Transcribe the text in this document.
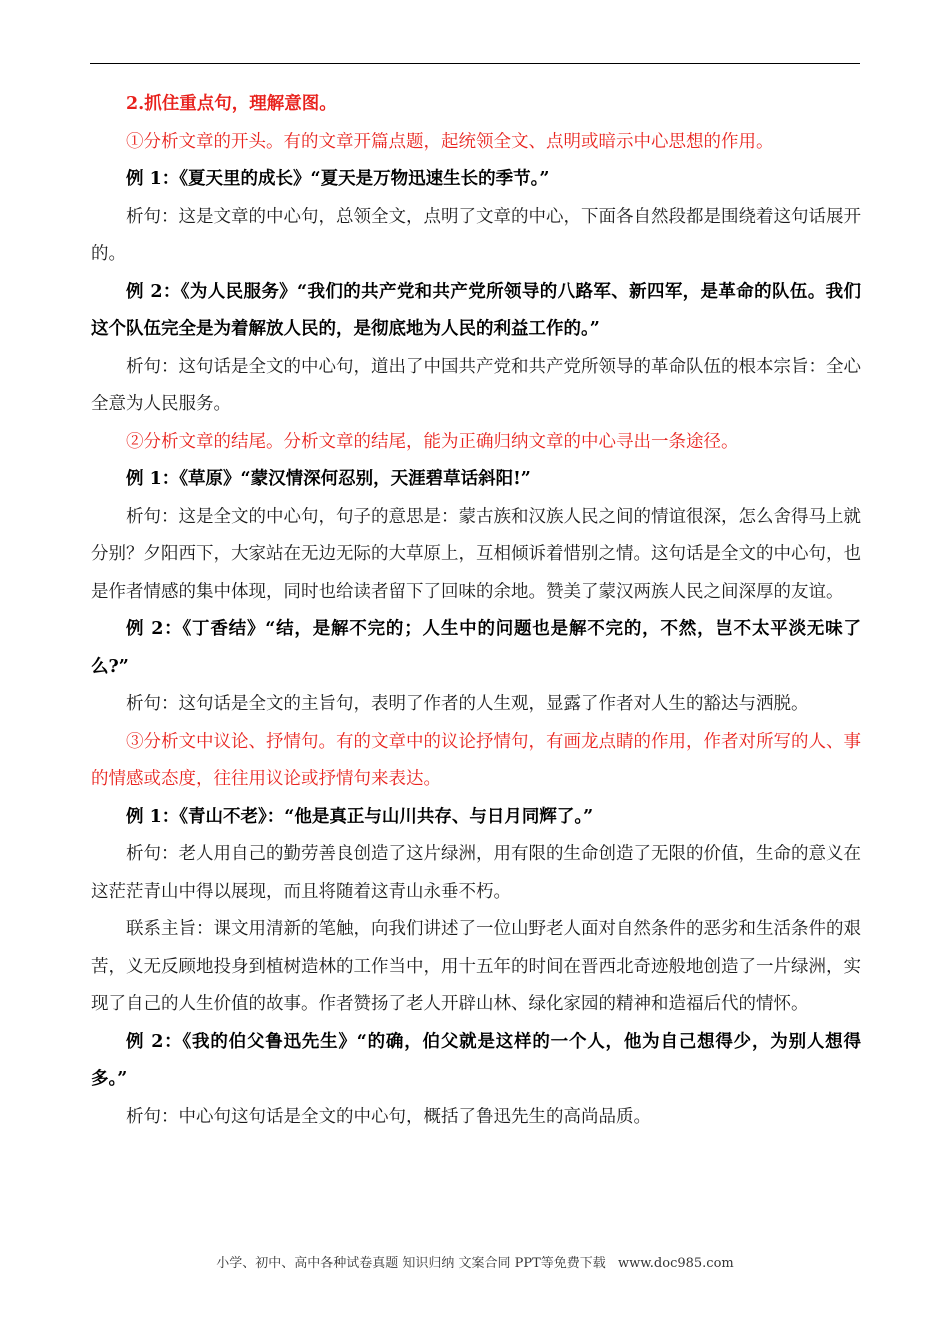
2.抓住重点句，理解意图。

①分析文章的开头。有的文章开篇点题，起统领全文、点明或暗示中心思想的作用。

例 1：《夏天里的成长》“夏天是万物迅速生长的季节。”

析句：这是文章的中心句，总领全文，点明了文章的中心，下面各自然段都是围绕着这句话展开的。

例 2：《为人民服务》“我们的共产党和共产党所领导的八路军、新四军，是革命的队伍。我们这个队伍完全是为着解放人民的，是彻底地为人民的利益工作的。”

析句：这句话是全文的中心句，道出了中国共产党和共产党所领导的革命队伍的根本宗旨：全心全意为人民服务。

②分析文章的结尾。分析文章的结尾，能为正确归纳文章的中心寻出一条途径。

例 1：《草原》“蒙汉情深何忍别，天涯碧草话斜阳!”

析句：这是全文的中心句，句子的意思是：蒙古族和汉族人民之间的情谊很深，怎么舍得马上就分别？夕阳西下，大家站在无边无际的大草原上，互相倾诉着惜别之情。这句话是全文的中心句，也是作者情感的集中体现，同时也给读者留下了回味的余地。赞美了蒙汉两族人民之间深厚的友谊。

例 2：《丁香结》“结，是解不完的；人生中的问题也是解不完的，不然，岂不太平淡无味了么?”

析句：这句话是全文的主旨句，表明了作者的人生观，显露了作者对人生的豁达与洒脱。

③分析文中议论、抒情句。有的文章中的议论抒情句，有画龙点睛的作用，作者对所写的人、事的情感或态度，往往用议论或抒情句来表达。

例 1：《青山不老》：“他是真正与山川共存、与日月同辉了。”

析句：老人用自己的勤劳善良创造了这片绿洲，用有限的生命创造了无限的价值，生命的意义在这茫茫青山中得以展现，而且将随着这青山永垂不朽。

联系主旨：课文用清新的笔触，向我们讲述了一位山野老人面对自然条件的恶劣和生活条件的艰苦，义无反顾地投身到植树造林的工作当中，用十五年的时间在晋西北奇迹般地创造了一片绿洲，实现了自己的人生价值的故事。作者赞扬了老人开辟山林、绿化家园的精神和造福后代的情怀。

例 2：《我的伯父鲁迅先生》“的确，伯父就是这样的一个人，他为自己想得少，为别人想得多。”

析句：中心句这句话是全文的中心句，概括了鲁迅先生的高尚品质。

小学、初中、高中各种试卷真题 知识归纳 文案合同 PPT等免费下载 www.doc985.com
